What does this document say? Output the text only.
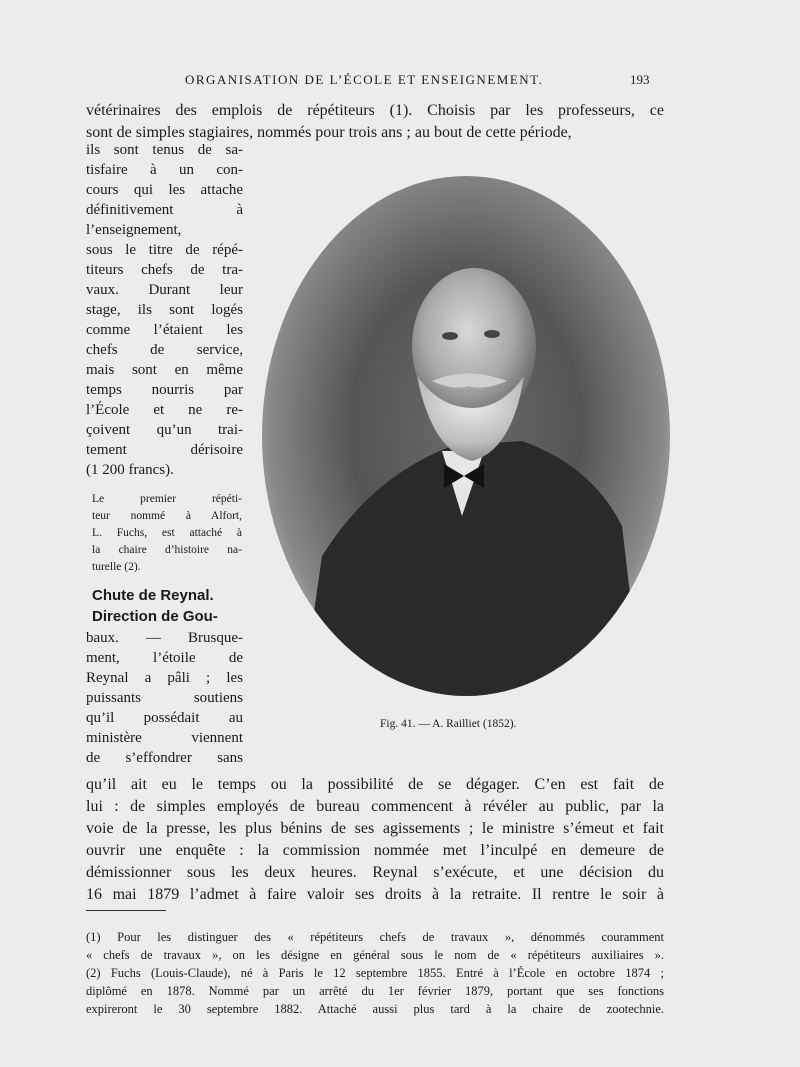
ORGANISATION DE L’ÉCOLE ET ENSEIGNEMENT.	193
vétérinaires des emplois de répétiteurs (1). Choisis par les professeurs, ce
sont de simples stagiaires, nommés pour trois ans ; au bout de cette période,
ils sont tenus de sa-
tisfaire à un con-
cours qui les attache
définitivement à
l’enseignement,
sous le titre de répé-
titeurs chefs de tra-
vaux. Durant leur
stage, ils sont logés
comme l’étaient les
chefs de service,
mais sont en même
temps nourris par
l’École et ne re-
çoivent qu’un trai-
tement dérisoire
(1 200 francs).
Le premier répéti-
teur nommé à Alfort,
L. Fuchs, est attaché à
la chaire d’histoire na-
turelle (2).
Chute de Reynal.
Direction de Gou-
baux. — Brusque-
ment, l’étoile de
Reynal a pâli ; les
puissants soutiens
qu’il possédait au
ministère viennent
de s’effondrer sans
Fig. 41. — A. Railliet (1852).
qu’il ait eu le temps ou la possibilité de se dégager. C’en est fait de
lui : de simples employés de bureau commencent à révéler au public, par la
voie de la presse, les plus bénins de ses agissements ; le ministre s’émeut et fait
ouvrir une enquête : la commission nommée met l’inculpé en demeure de
démissionner sous les deux heures. Reynal s’exécute, et une décision du
16 mai 1879 l’admet à faire valoir ses droits à la retraite. Il rentre le soir à
(1) Pour les distinguer des « répétiteurs chefs de travaux », dénommés couramment
« chefs de travaux », on les désigne en général sous le nom de « répétiteurs auxiliaires ».
(2) Fuchs (Louis-Claude), né à Paris le 12 septembre 1855. Entré à l’École en octobre 1874 ;
diplômé en 1878. Nommé par un arrêté du 1er février 1879, portant que ses fonctions
expireront le 30 septembre 1882. Attaché aussi plus tard à la chaire de zootechnie.
